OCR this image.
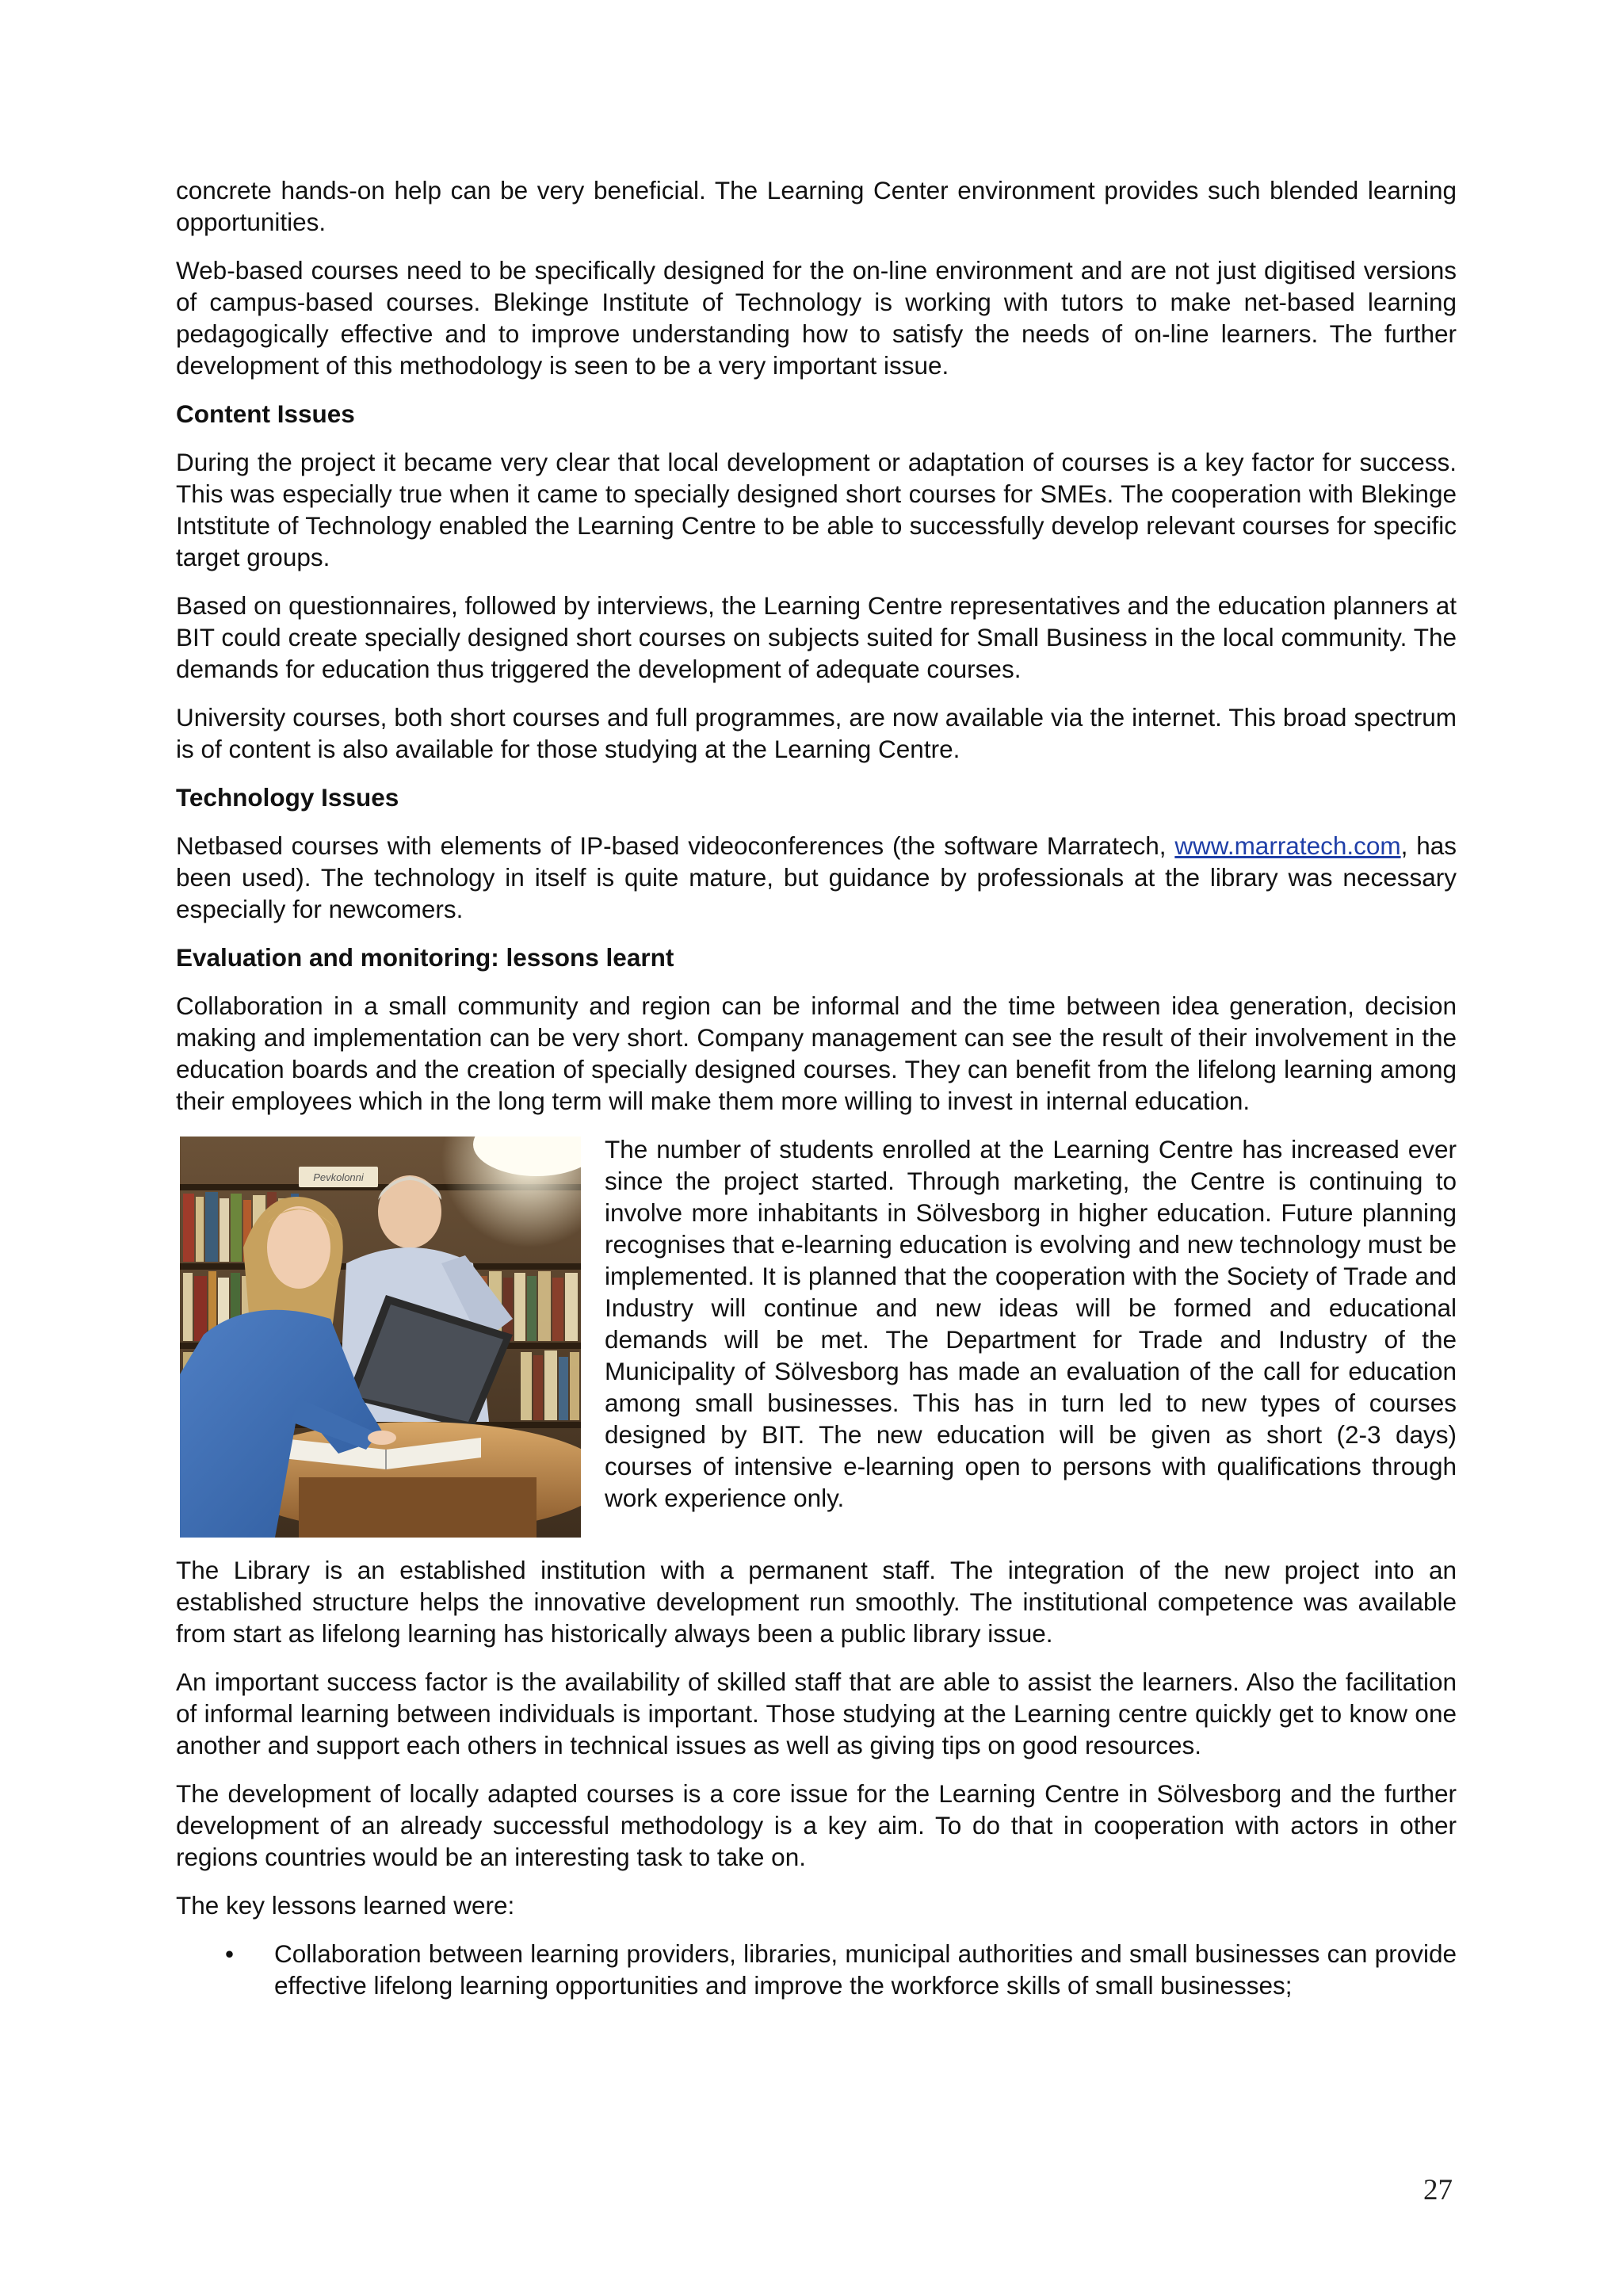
concrete hands-on help can be very beneficial. The Learning Center environment provides such blended learning opportunities.

Web-based courses need to be specifically designed for the on-line environment and are not just digitised versions of campus-based courses. Blekinge Institute of Technology is working with tutors to make net-based learning pedagogically effective and to improve understanding how to satisfy the needs of on-line learners. The further development of this methodology is seen to be a very important issue.

Content Issues

During the project it became very clear that local development or adaptation of courses is a key factor for success. This was especially true when it came to specially designed short courses for SMEs. The cooperation with Blekinge Intstitute of Technology enabled the Learning Centre to be able to successfully develop relevant courses for specific target groups.

Based on questionnaires, followed by interviews, the Learning Centre representatives and the education planners at BIT could create specially designed short courses on subjects suited for Small Business in the local community. The demands for education thus triggered the development of adequate courses.

University courses, both short courses and full programmes, are now available via the internet. This broad spectrum is of content is also available for those studying at the Learning Centre.

Technology Issues

Netbased courses with elements of IP-based videoconferences (the software Marratech, www.marratech.com, has been used). The technology in itself is quite mature, but guidance by professionals at the library was necessary especially for newcomers.

Evaluation and monitoring: lessons learnt

Collaboration in a small community and region can be informal and the time between idea generation, decision making and implementation can be very short. Company management can see the result of their involvement in the education boards and the creation of specially designed courses. They can benefit from the lifelong learning among their employees which in the long term will make them more willing to invest in internal education.

Pevkolonni

The number of students enrolled at the Learning Centre has increased ever since the project started. Through marketing, the Centre is continuing to involve more inhabitants in Sölvesborg in higher education. Future planning recognises that e-learning education is evolving and new technology must be implemented. It is planned that the cooperation with the Society of Trade and Industry will continue and new ideas will be formed and educational demands will be met. The Department for Trade and Industry of the Municipality of Sölvesborg has made an evaluation of the call for education among small businesses. This has in turn led to new types of courses designed by BIT. The new education will be given as short (2-3 days) courses of intensive e-learning open to persons with qualifications through work experience only.

The Library is an established institution with a permanent staff. The integration of the new project into an established structure helps the innovative development run smoothly. The institutional competence was available from start as lifelong learning has historically always been a public library issue.

An important success factor is the availability of skilled staff that are able to assist the learners. Also the facilitation of informal learning between individuals is important. Those studying at the Learning centre quickly get to know one another and support each others in technical issues as well as giving tips on good resources.

The development of locally adapted courses is a core issue for the Learning Centre in Sölvesborg and the further development of an already successful methodology is a key aim. To do that in cooperation with actors in other regions countries would be an interesting task to take on.

The key lessons learned were:

• Collaboration between learning providers, libraries, municipal authorities and small businesses can provide effective lifelong learning opportunities and improve the workforce skills of small businesses;
27
